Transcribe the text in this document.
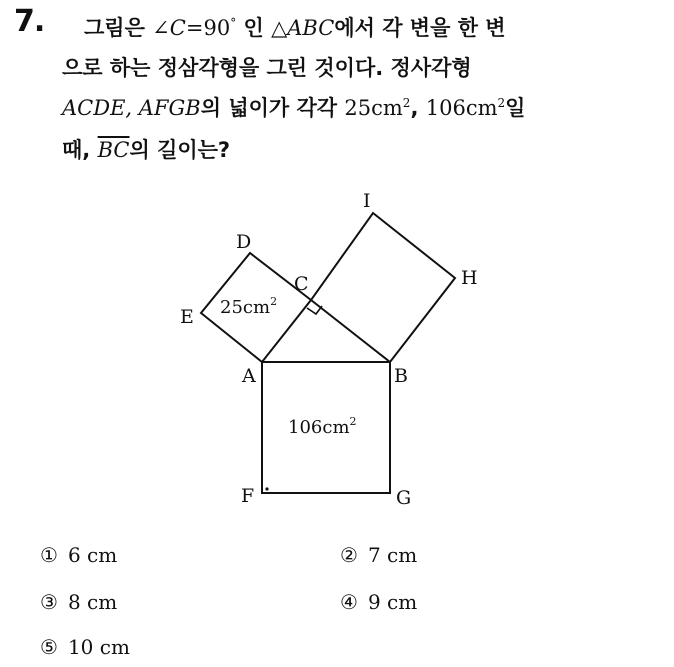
7. 그림은 ∠C=90° 인 △ABC에서 각 변을 한 변
으로 하는 정삼각형을 그린 것이다. 정사각형
ACDE, AFGB의 넓이가 각각 $25cm^2$, $106cm^2$일
때, $\overline{BC}$의 길이는?
I
D
C	H
E
A	B
F	G
$25cm^2$
$106cm^2$
① 6 cm	② 7 cm
③ 8 cm	④ 9 cm
⑤ 10 cm
